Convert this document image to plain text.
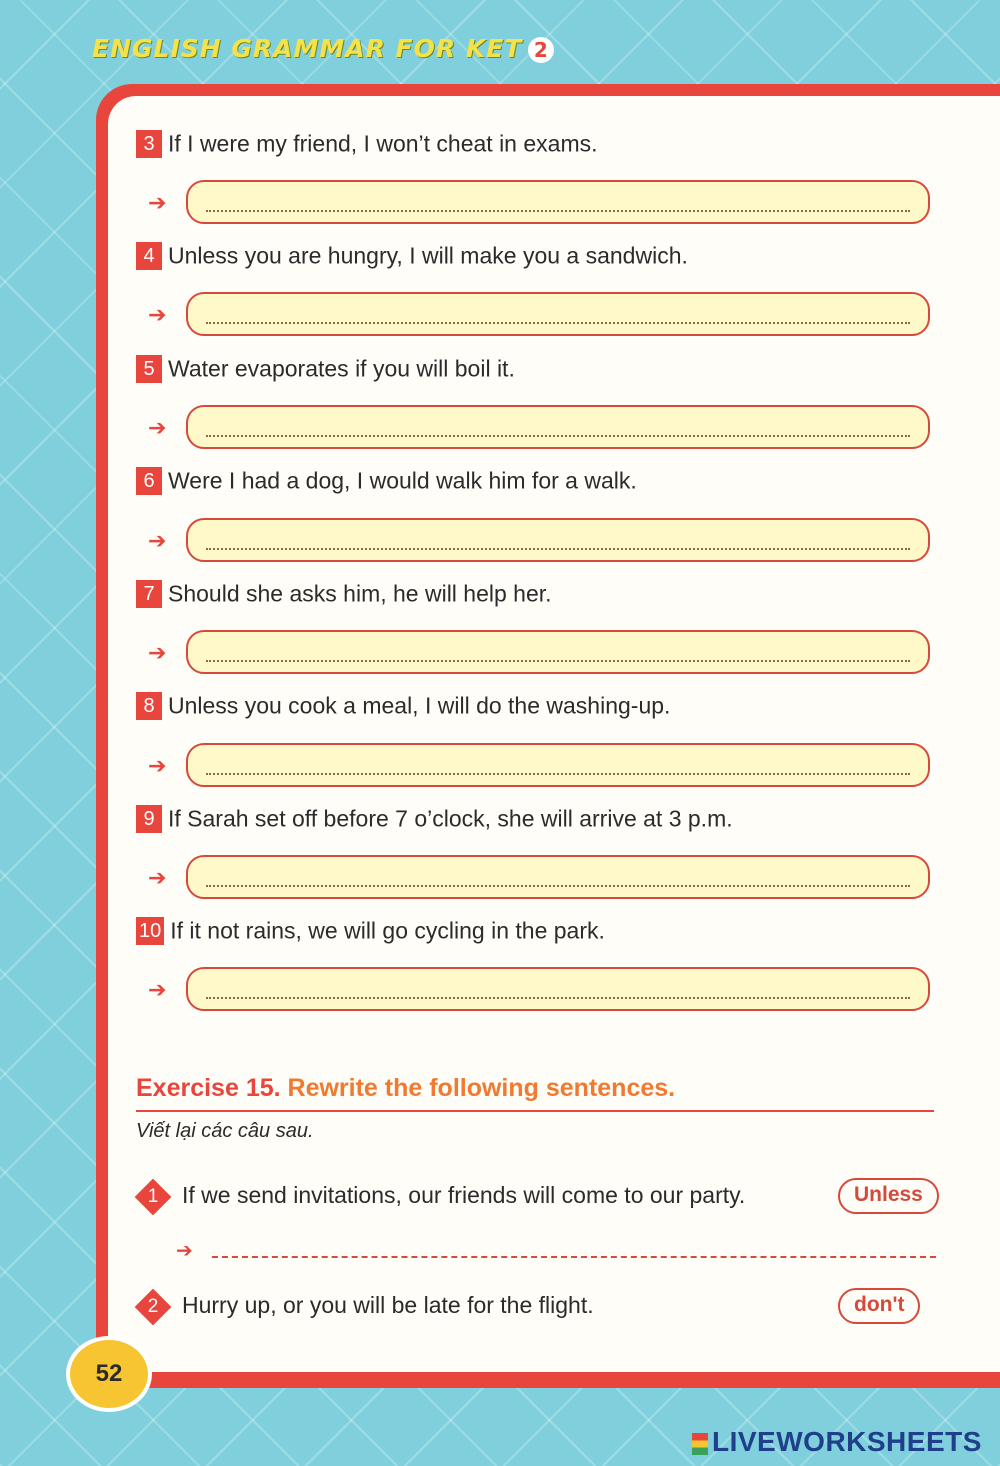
ENGLISH GRAMMAR FOR KET 2
3 If I were my friend, I won’t cheat in exams.
➔
4 Unless you are hungry, I will make you a sandwich.
➔
5 Water evaporates if you will boil it.
➔
6 Were I had a dog, I would walk him for a walk.
➔
7 Should she asks him, he will help her.
➔
8 Unless you cook a meal, I will do the washing-up.
➔
9 If Sarah set off before 7 o’clock, she will arrive at 3 p.m.
➔
10 If it not rains, we will go cycling in the park.
➔
Exercise 15. Rewrite the following sentences.
Viết lại các câu sau.
1	If we send invitations, our friends will come to our party.	Unless
➔
2	Hurry up, or you will be late for the flight.	don't
52
LIVEWORKSHEETS
